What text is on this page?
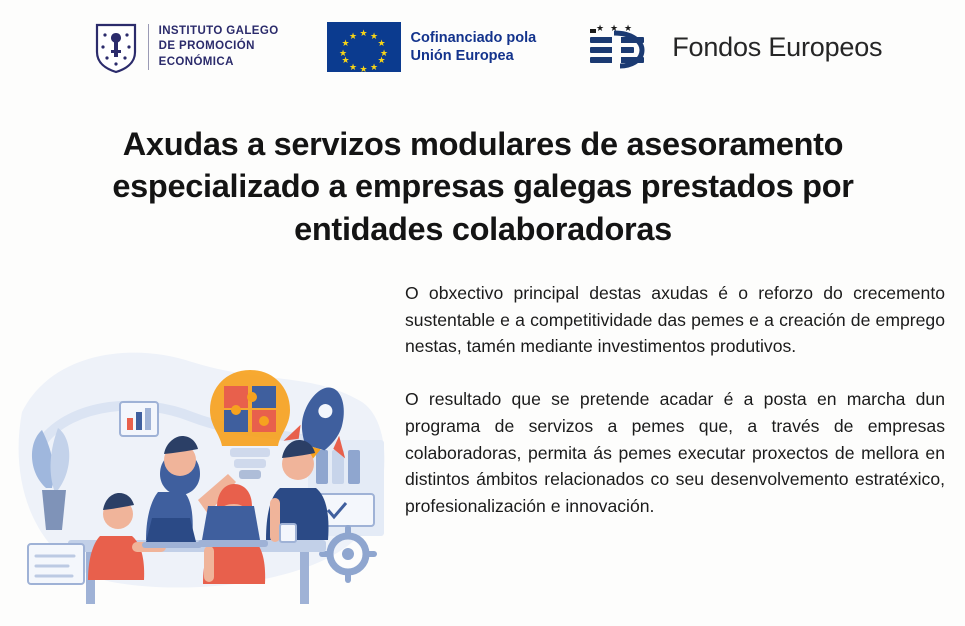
INSTITUTO GALEGO
DE PROMOCIÓN
ECONÓMICA
★ ★
★
★
★
★
★
★
★
★
★
★	Cofinanciado pola
Unión Europea
★ ★ ★
Fondos Europeos
Axudas a servizos modulares de asesoramento especializado a empresas galegas prestados por entidades colaboradoras

O obxectivo principal destas axudas é o reforzo do crecemento sustentable e a competitividade das pemes e a creación de emprego nestas, tamén mediante investimentos produtivos.

O resultado que se pretende acadar é a posta en marcha dun programa de servizos a pemes que, a través de empresas colaboradoras, permita ás pemes executar proxectos de mellora en distintos ámbitos relacionados co seu desenvolvemento estratéxico, profesionalización e innovación.
